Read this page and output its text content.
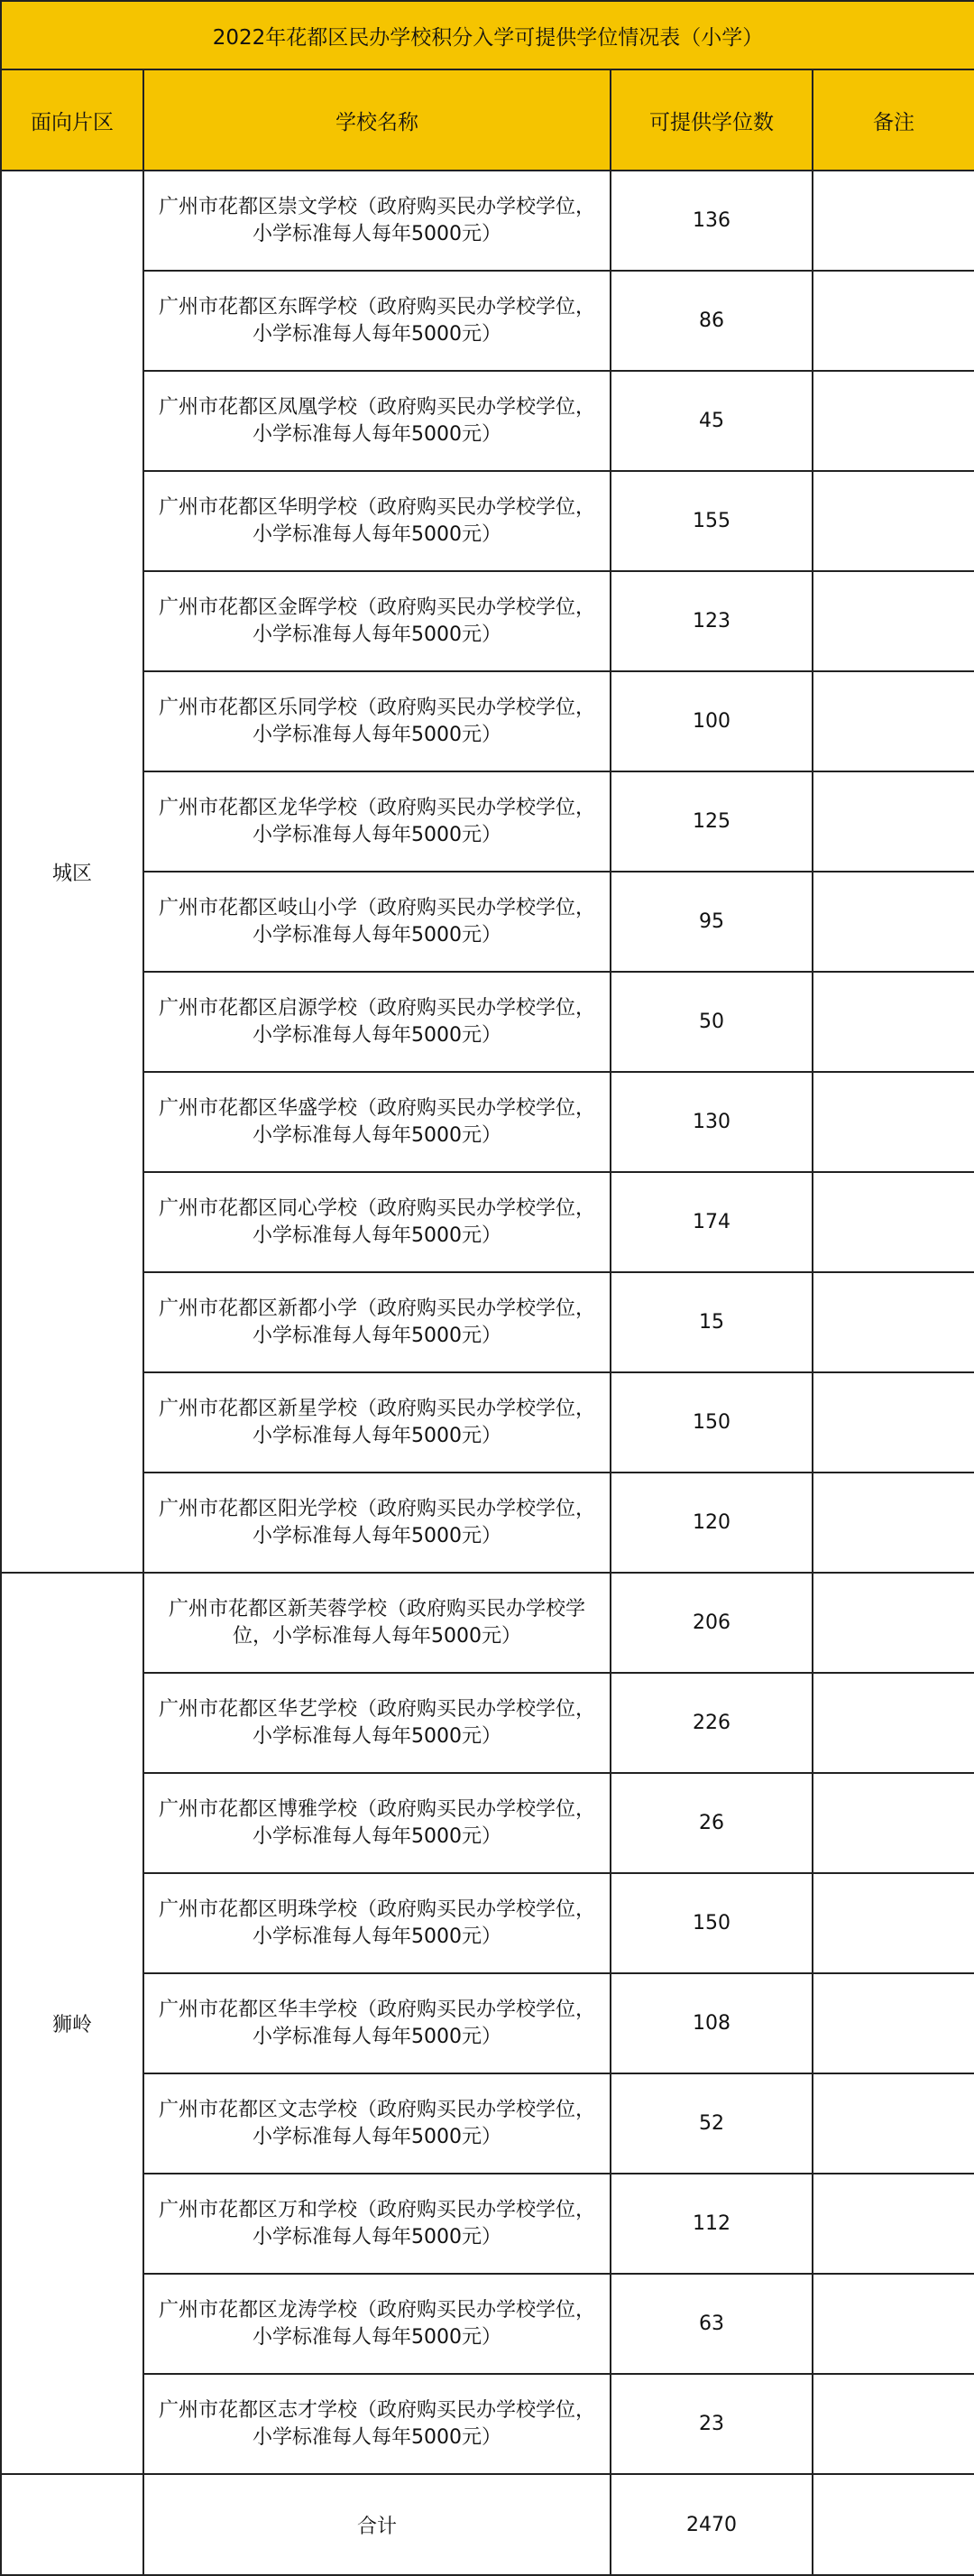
2022年花都区民办学校积分入学可提供学位情况表（小学）			
面向片区	学校名称	可提供学位数	备注
城区	广州市花都区崇文学校（政府购买民办学校学位，
小学标准每人每年5000元）	136	

	广州市花都区东晖学校（政府购买民办学校学位，
小学标准每人每年5000元）	86	

	广州市花都区凤凰学校（政府购买民办学校学位，
小学标准每人每年5000元）	45	

	广州市花都区华明学校（政府购买民办学校学位，
小学标准每人每年5000元）	155	

	广州市花都区金晖学校（政府购买民办学校学位，
小学标准每人每年5000元）	123	

	广州市花都区乐同学校（政府购买民办学校学位，
小学标准每人每年5000元）	100	

	广州市花都区龙华学校（政府购买民办学校学位，
小学标准每人每年5000元）	125	

	广州市花都区岐山小学（政府购买民办学校学位，
小学标准每人每年5000元）	95	

	广州市花都区启源学校（政府购买民办学校学位，
小学标准每人每年5000元）	50	

	广州市花都区华盛学校（政府购买民办学校学位，
小学标准每人每年5000元）	130	

	广州市花都区同心学校（政府购买民办学校学位，
小学标准每人每年5000元）	174	

	广州市花都区新都小学（政府购买民办学校学位，
小学标准每人每年5000元）	15	

	广州市花都区新星学校（政府购买民办学校学位，
小学标准每人每年5000元）	150	

	广州市花都区阳光学校（政府购买民办学校学位，
小学标准每人每年5000元）	120	
狮岭	广州市花都区新芙蓉学校（政府购买民办学校学
位，小学标准每人每年5000元）	206	

	广州市花都区华艺学校（政府购买民办学校学位，
小学标准每人每年5000元）	226	

	广州市花都区博雅学校（政府购买民办学校学位，
小学标准每人每年5000元）	26	

	广州市花都区明珠学校（政府购买民办学校学位，
小学标准每人每年5000元）	150	

	广州市花都区华丰学校（政府购买民办学校学位，
小学标准每人每年5000元）	108	

	广州市花都区文志学校（政府购买民办学校学位，
小学标准每人每年5000元）	52	

	广州市花都区万和学校（政府购买民办学校学位，
小学标准每人每年5000元）	112	

	广州市花都区龙涛学校（政府购买民办学校学位，
小学标准每人每年5000元）	63	

	广州市花都区志才学校（政府购买民办学校学位，
小学标准每人每年5000元）	23	
	合计	2470	
